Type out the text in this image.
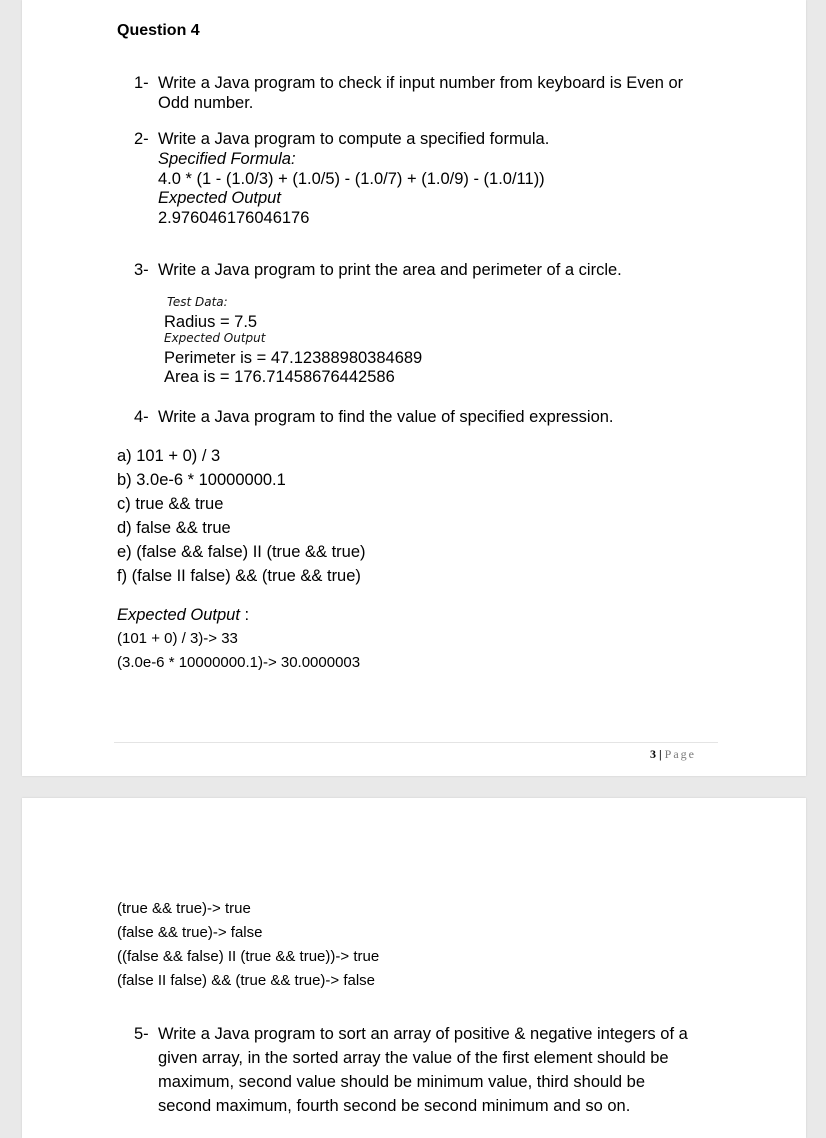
Question 4
1- Write a Java program to check if input number from keyboard is Even or
Odd number.
2- Write a Java program to compute a specified formula.
Specified Formula:
4.0 * (1 - (1.0/3) + (1.0/5) - (1.0/7) + (1.0/9) - (1.0/11))
Expected Output
2.976046176046176
3- Write a Java program to print the area and perimeter of a circle.
Test Data:
Radius = 7.5
Expected Output
Perimeter is = 47.12388980384689
Area is = 176.71458676442586
4- Write a Java program to find the value of specified expression.
a) 101 + 0) / 3
b) 3.0e-6 * 10000000.1
c) true && true
d) false && true
e) (false && false) II (true && true)
f) (false II false) && (true && true)
Expected Output :
(101 + 0) / 3)-> 33
(3.0e-6 * 10000000.1)-> 30.0000003
3 | Page
(true && true)-> true
(false && true)-> false
((false && false) II (true && true))-> true
(false II false) && (true && true)-> false
5- Write a Java program to sort an array of positive & negative integers of a
given array, in the sorted array the value of the first element should be
maximum, second value should be minimum value, third should be
second maximum, fourth second be second minimum and so on.
